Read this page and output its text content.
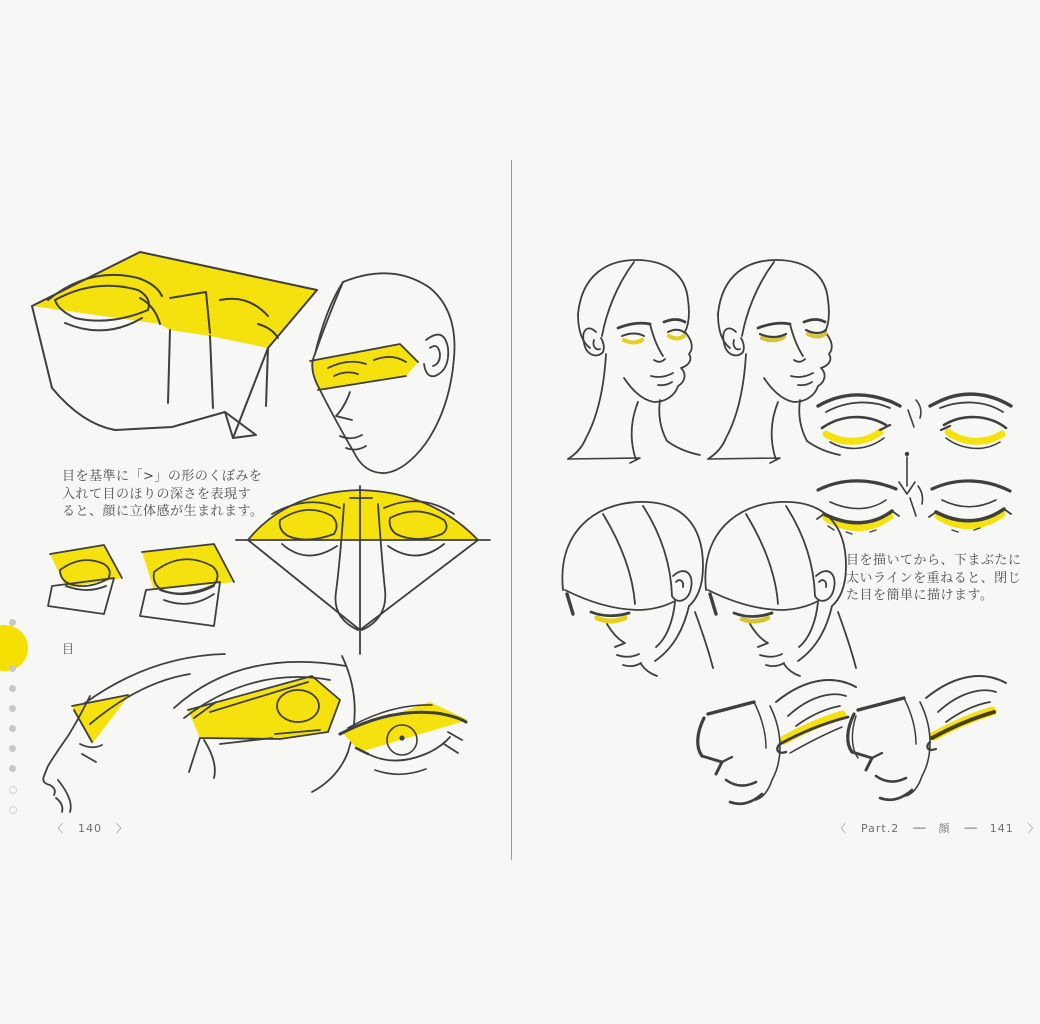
目
目を基準に「>」の形のくぼみを
入れて目のほりの深さを表現す
ると、顔に立体感が生まれます。
〈 140 〉
目を描いてから、下まぶたに
太いラインを重ねると、閉じ
た目を簡単に描けます。
〈 Part.2 ── 顔 ── 141 〉
